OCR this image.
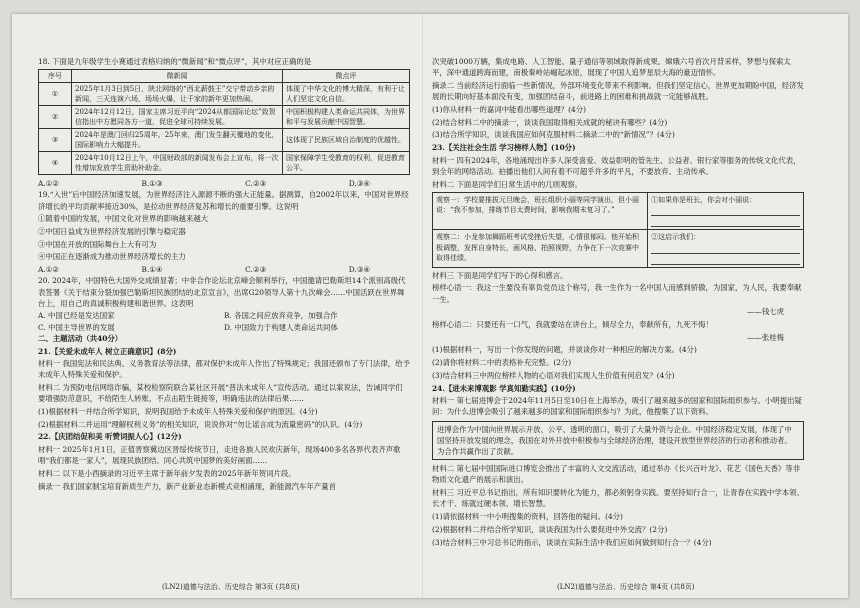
18. 下面是九年级学生小赛通过表格归纳的“微新闻”和“微点评”，其中对应正确的是

序号	微新闻	微点评
①	2025年1月3日到5日，陕北网络的“西北薪鼓王”交宁带动乡亲的新闻，三天连演六场，场场火爆，让千家的新年更加热闹。	体现了中华文化的博大精深，有利于让人们坚定文化自信。
②	2024年12月12日，国家主席习近平向“2024从都国际论坛”致贺信指出中方愿同各方一道，促进全球可持续发展。	中国积极构建人类命运共同体，为世界和平与发展贡献中国智慧。
③	2024年是澳门回归25周年。25年来，澳门发生翻天覆地的变化，国际影响力大幅提升。	这体现了民族区域自治制度的优越性。
④	2024年10月12日上午，中国财政部的新闻发布会上宣布，将一次性增加发放学生资助补助金。	国家保障学生受教育的权利，促进教育公平。
A.①②	B.①③	C.②③	D.③④

19.“入世”后中国经济加速发展，为世界经济注入源源不断的强大正能量。据测算，自2002年以来，中国对世界经济增长的平均贡献率接近30%，是拉动世界经济复苏和增长的重要引擎。这说明

①随着中国的发展，中国文化对世界的影响越来越大

②中国日益成为世界经济发展的引擎与稳定器

③中国在开放的国际舞台上大有可为

④中国正在逐渐成为推动世界经济增长的主力

A.①②	B.①④	C.②③	D.③④

20. 2024年，中国特色大国外交成绩显著；中非合作论坛北京峰会顺利举行，中国邀请巴勒斯坦14个派别高级代表签署《关于结束分裂加强巴勒斯坦民族团结的北京宣言》，出席G20领导人第十九次峰会……中国活跃在世界舞台上，用自己的真诚积极构建和谐世界。这表明

A. 中国已经是发达国家	B. 各国之间应放弃竞争，加强合作
C. 中国主导世界的发展	D. 中国致力于构建人类命运共同体

二、主题活动（共40分）

21.【关爱未成年人 树立正确意识】(8分)

材料一 我国宪法和民法典、义务教育法等法律，都对保护未成年人作出了特殊规定；我国还颁布了专门法律，给予未成年人特殊关爱和保护。

材料二 为预防电信网络诈骗，某校检察院联合某社区开展“普法未成年人”宣传活动。通过以案说法，告诫同学们要增强防范意识，不给陌生人转账、不点击陌生链接等，明确违法的法律后果……

(1)根据材料一并结合所学知识，说明我国给予未成年人特殊关爱和保护的原因。(4分)

(2)根据材料二并运用“理解权利义务”的相关知识，说说你对“勿让谣言成为流量密码”的认识。(4分)

22.【庆团结促和美 听赞词振人心】(12分)

材料一 2025年1月1日，正值晋察冀边区晋绥传统节日，走进各族人民欢庆新年，现场400多名各界代表齐声歌唱“我们都是一家人”，展现民族团结、同心共筑中国梦的美好画面……

材料二 以下是小西摘录的习近平主席于新年前夕发表的2025年新年贺词片段。

摘录一 我们国家制宝培育新质生产力，新产业新业态新模式竞相涌现，新能源汽车年产量首

(LN2)道德与法治、历史综合 第3页 (共8页)

次突破1000万辆，集成电路、人工智能、量子通信等领域取得新成果。嫦娥六号首次月背采样，梦想与探索太平，深中通道跨海而建，南极秦岭站崛起冰原，展现了中国人追梦星辰大海的豪迈情怀。

摘录二 当前经济运行面临一些新情况，外部环境变化带来不利影响。但我们坚定信心，世界更加期盼中国，经济发展的长期向好基本面没有变，加强团结奋斗，前进路上的困难和挑战就一定能够战胜。

(1)你从材料一的嘉词中能看出哪些道理？(4分)

(2)结合材料二中的摘录一，谈谈我国取得相关成就的秘诀有哪些？(4分)

(3)结合所学知识，谈谈我国应如何克服材料二摘录二中的“新情况”？(4分)

23.【关注社会生活 学习榜样人物】(10分)

材料一 四有2024年，各地涌现出许多人深受喜爱、效益彰明的管先生、公益者、银行家等服务的传统文化代表，到全年的网络活动。拍播出他们人间有着不可超乎许多的平凡，不要放弃、主动传承。

材料二 下面是同学们日常生活中的几则观察。

观察一：学校要推拔元旦晚会，班长组织小丽等同学演出，但小丽说：“我不参加，排练节目太费时间，影响我期末复习了。”	①如果你是班长，你会对小丽说：

观察二：小龙参加舞蹈班考试受挫后失望，心情很郁闷。他开始积极调整，发挥自身特长，画风格、拍照视野，力争在下一次竞赛中取得佳绩。	②这启示我们：

材料三 下面是同学们写下的心得和感言。

榜样心语一：我这一生要没有辜负党员这个称号，我一生作为一名中国人而感到骄傲，为国家，为人民，我要奉献一生。

——钱七虎

榜样心语二：只要还有一口气，我就要站在讲台上，倾尽全力，奉献所有，九死不悔！

——张桂梅

(1)根据材料一，写出一个你发现的问题，并谈谈你对一种相应的解决方案。(4分)

(2)请你将材料二中的表格补充完整。(2分)

(3)结合材料三中两位榜样人物的心语对我们实现人生价值有何启发？(4分)

24.【进未来博观影 学真知勤实践】(10分)

材料一 第七届进博会于2024年11月5日至10日在上海举办，吸引了越来越多的国家和国际组织参与。小明提出疑问：为什么进博会吸引了越来越多的国家和国际组织参与？为此，他搜集了以下资料。

进博会作为中国向世界展示开放、公平、透明的窗口，吸引了大量外资与企业。中国经济稳定发展，体现了中国坚持开放发展的理念，我国在对外开放中积极参与全球经济治理，建设开放型世界经济的行动者和推动者。为合作共赢作出了贡献。

材料二 第七届中国国际进口博览会推出了丰富的人文交流活动，通过举办《长兴百叶龙》、花艺《国色天香》等非物质文化遗产的展示和演出。

材料三 习近平总书记指出，所有知识要转化为能力，都必须躬身实践。要坚持知行合一，让青春在实践中学本领、长才干、练就过硬本领、增长智慧。

(1)请依据材料一中小明搜集的资料，回答他的疑问。(4分)

(2)根据材料二并结合所学知识，谈谈我国为什么要促进中外交流？(2分)

(3)结合材料三中习总书记的指示，谈谈在实际生活中我们应如何做到知行合一？(4分)

(LN2)道德与法治、历史综合 第4页 (共8页)
